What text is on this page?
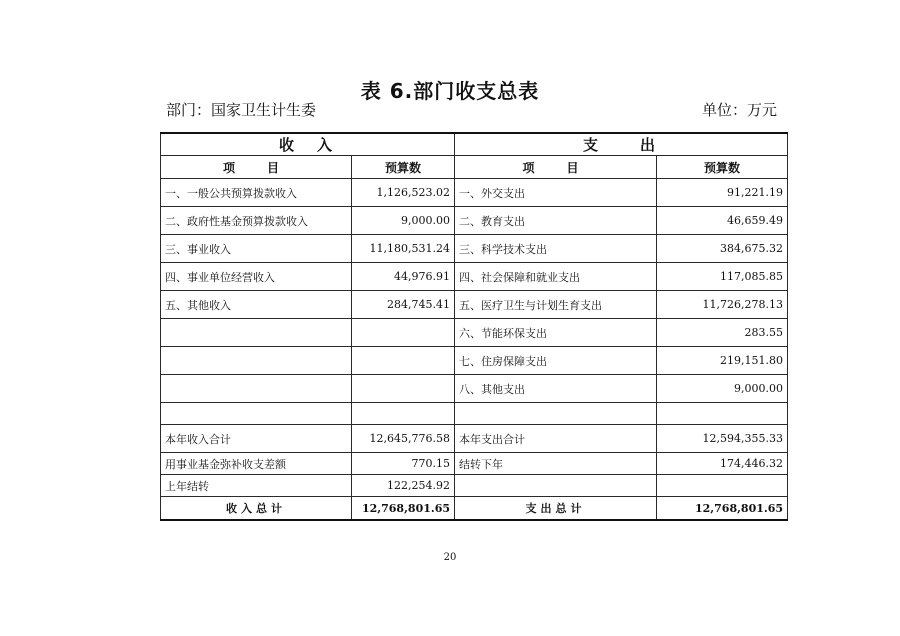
表 6.部门收支总表
部门：国家卫生计生委	单位：万元
收　入		支　　出	
项　目	预算数	项　目	预算数
一、一般公共预算拨款收入	1,126,523.02	一、外交支出	91,221.19
二、政府性基金预算拨款收入	9,000.00	二、教育支出	46,659.49
三、事业收入	11,180,531.24	三、科学技术支出	384,675.32
四、事业单位经营收入	44,976.91	四、社会保障和就业支出	117,085.85
五、其他收入	284,745.41	五、医疗卫生与计划生育支出	11,726,278.13
		六、节能环保支出	283.55
		七、住房保障支出	219,151.80
		八、其他支出	9,000.00

本年收入合计	12,645,776.58	本年支出合计	12,594,355.33
用事业基金弥补收支差额	770.15	结转下年	174,446.32
上年结转	122,254.92		
收入总计	12,768,801.65	支出总计	12,768,801.65
20
